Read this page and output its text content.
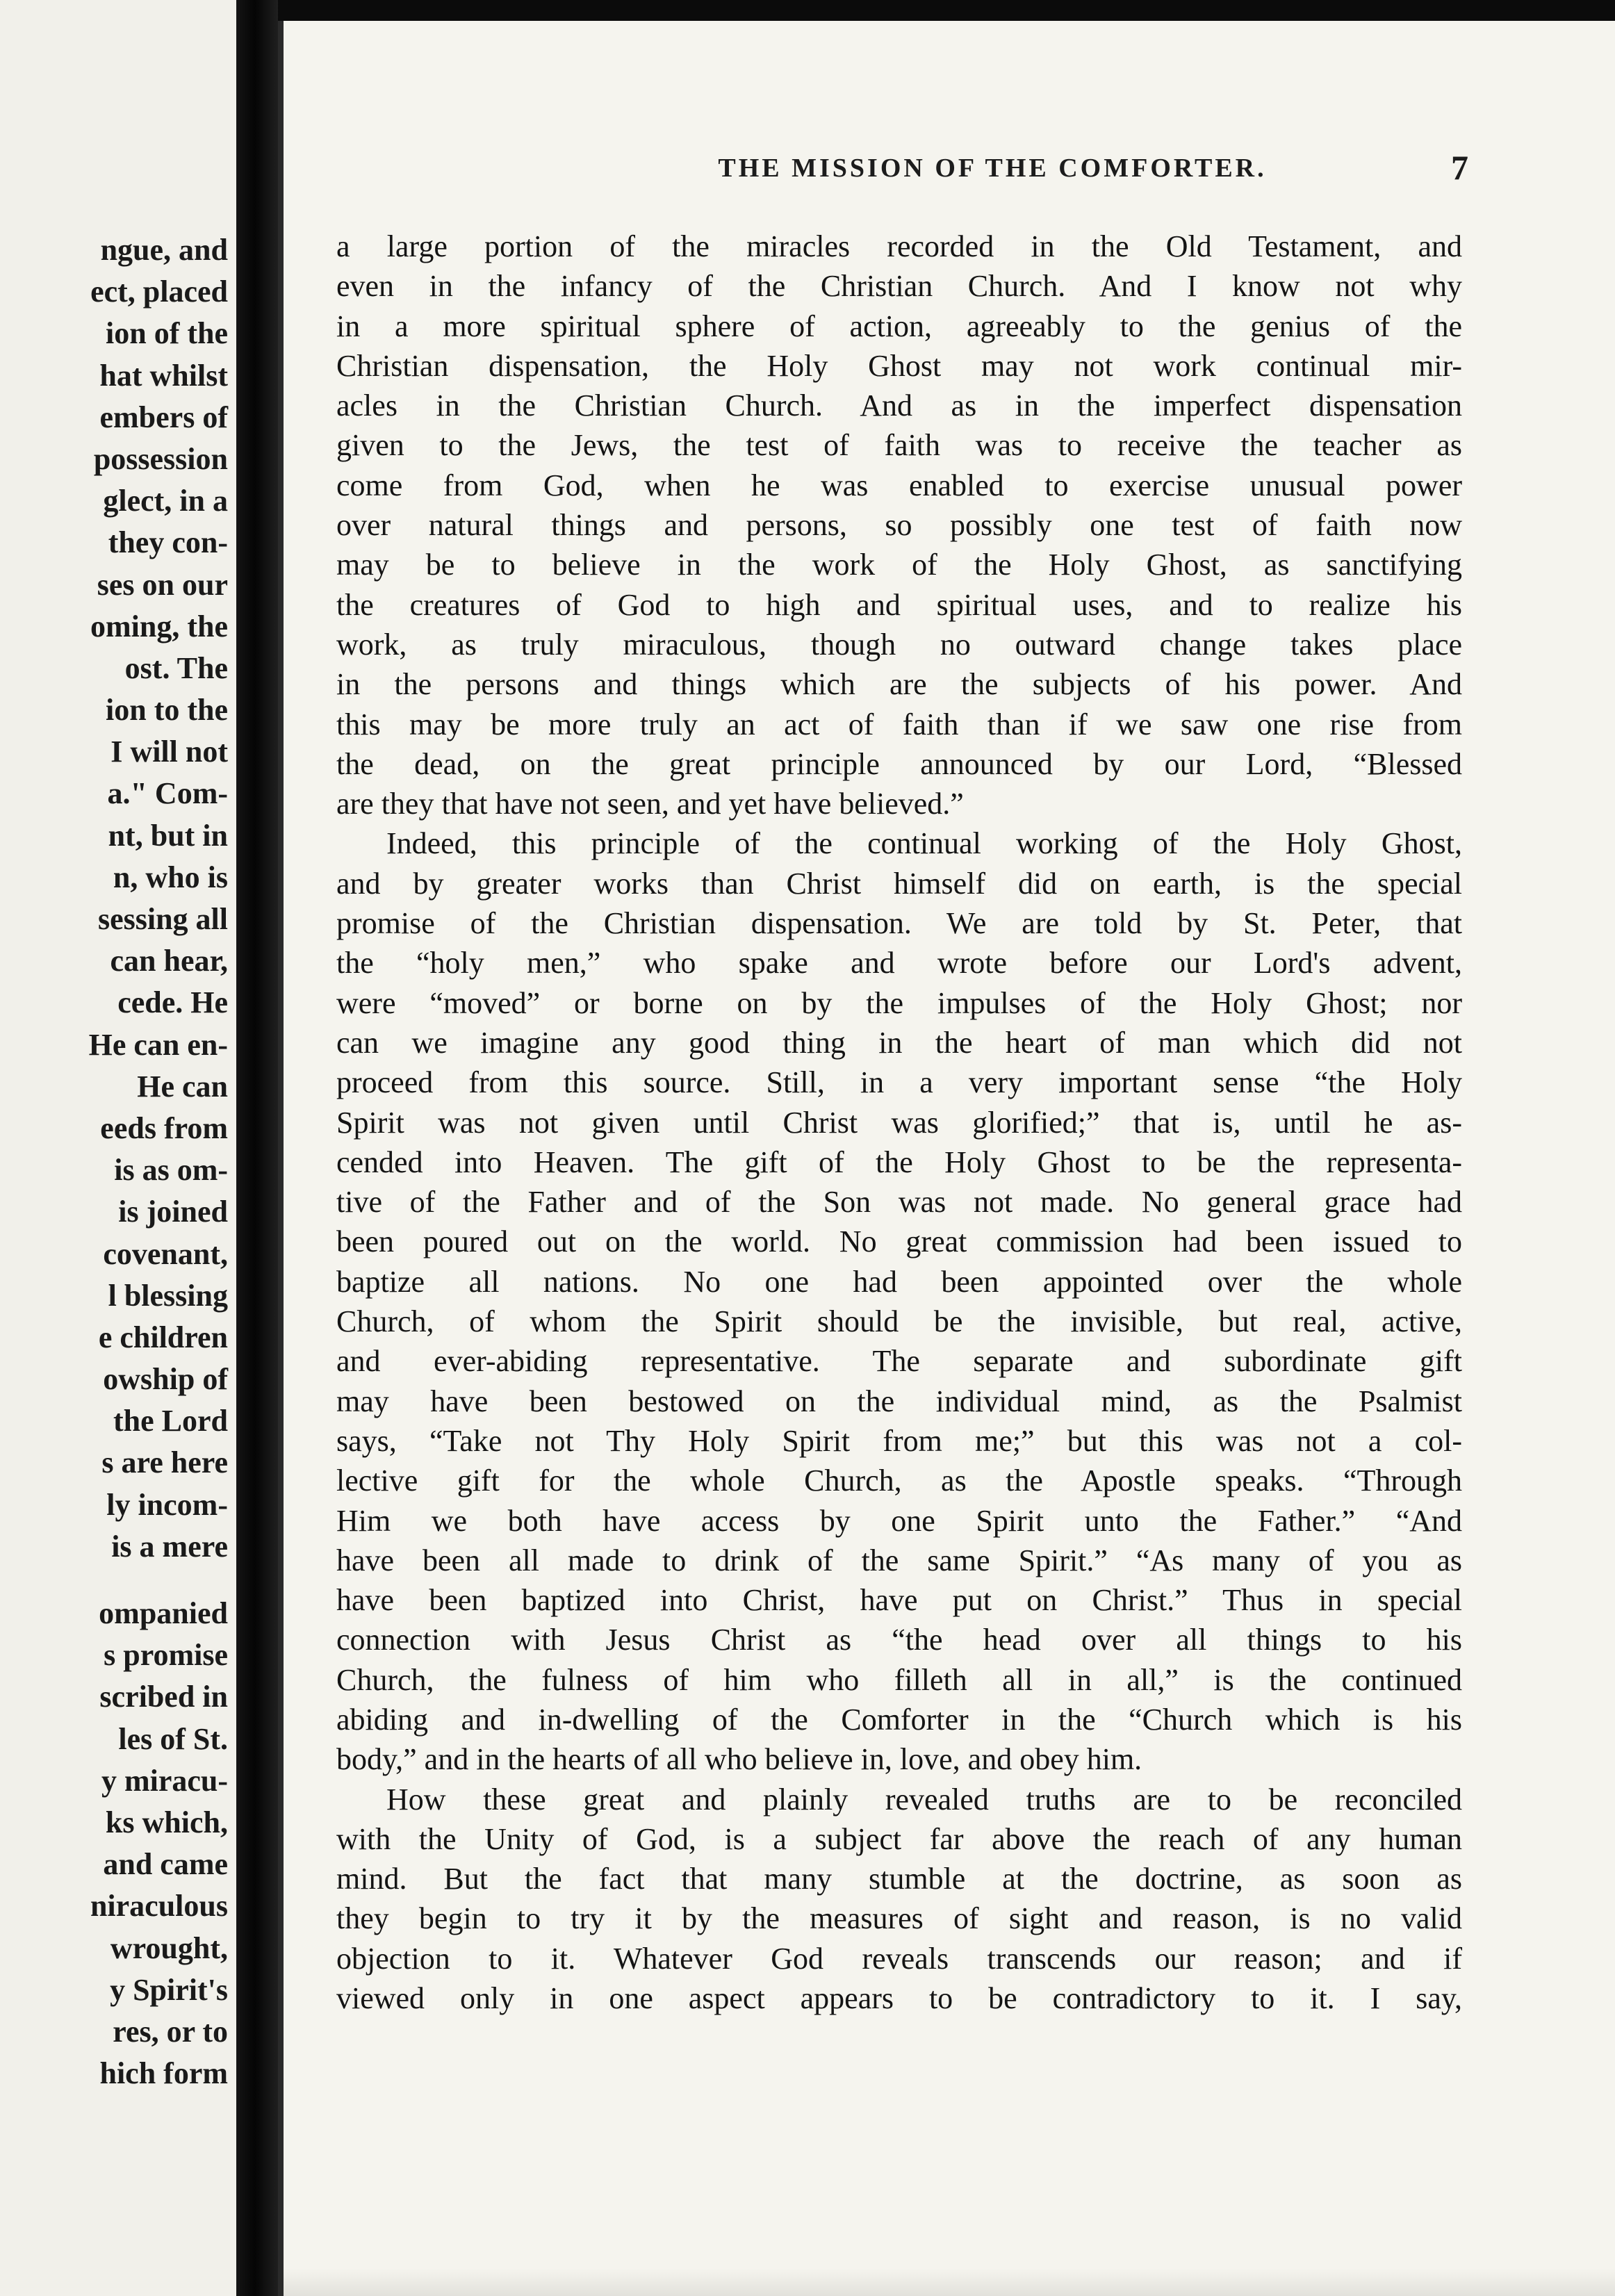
ngue, and
ect, placed
ion of the
hat whilst
embers of
possession
glect, in a
they con-
ses on our
oming, the
ost. The
ion to the
I will not
a." Com-
nt, but in
n, who is
sessing all
can hear,
cede. He
He can en-
He can
eeds from
is as om-
is joined
covenant,
l blessing
e children
owship of
the Lord
s are here
ly incom-
is a mere
ompanied
s promise
scribed in
les of St.
y miracu-
ks which,
and came
niraculous
wrought,
y Spirit's
res, or to
hich form
THE MISSION OF THE COMFORTER.	7
a large portion of the miracles recorded in the Old Testament, and
even in the infancy of the Christian Church. And I know not why
in a more spiritual sphere of action, agreeably to the genius of the
Christian dispensation, the Holy Ghost may not work continual mir-
acles in the Christian Church. And as in the imperfect dispensation
given to the Jews, the test of faith was to receive the teacher as
come from God, when he was enabled to exercise unusual power
over natural things and persons, so possibly one test of faith now
may be to believe in the work of the Holy Ghost, as sanctifying
the creatures of God to high and spiritual uses, and to realize his
work, as truly miraculous, though no outward change takes place
in the persons and things which are the subjects of his power. And
this may be more truly an act of faith than if we saw one rise from
the dead, on the great principle announced by our Lord, “Blessed
are they that have not seen, and yet have believed.”
Indeed, this principle of the continual working of the Holy Ghost,
and by greater works than Christ himself did on earth, is the special
promise of the Christian dispensation. We are told by St. Peter, that
the “holy men,” who spake and wrote before our Lord's advent,
were “moved” or borne on by the impulses of the Holy Ghost; nor
can we imagine any good thing in the heart of man which did not
proceed from this source. Still, in a very important sense “the Holy
Spirit was not given until Christ was glorified;” that is, until he as-
cended into Heaven. The gift of the Holy Ghost to be the representa-
tive of the Father and of the Son was not made. No general grace had
been poured out on the world. No great commission had been issued to
baptize all nations. No one had been appointed over the whole
Church, of whom the Spirit should be the invisible, but real, active,
and ever-abiding representative. The separate and subordinate gift
may have been bestowed on the individual mind, as the Psalmist
says, “Take not Thy Holy Spirit from me;” but this was not a col-
lective gift for the whole Church, as the Apostle speaks. “Through
Him we both have access by one Spirit unto the Father.” “And
have been all made to drink of the same Spirit.” “As many of you as
have been baptized into Christ, have put on Christ.” Thus in special
connection with Jesus Christ as “the head over all things to his
Church, the fulness of him who filleth all in all,” is the continued
abiding and in-dwelling of the Comforter in the “Church which is his
body,” and in the hearts of all who believe in, love, and obey him.
How these great and plainly revealed truths are to be reconciled
with the Unity of God, is a subject far above the reach of any human
mind. But the fact that many stumble at the doctrine, as soon as
they begin to try it by the measures of sight and reason, is no valid
objection to it. Whatever God reveals transcends our reason; and if
viewed only in one aspect appears to be contradictory to it. I say,
